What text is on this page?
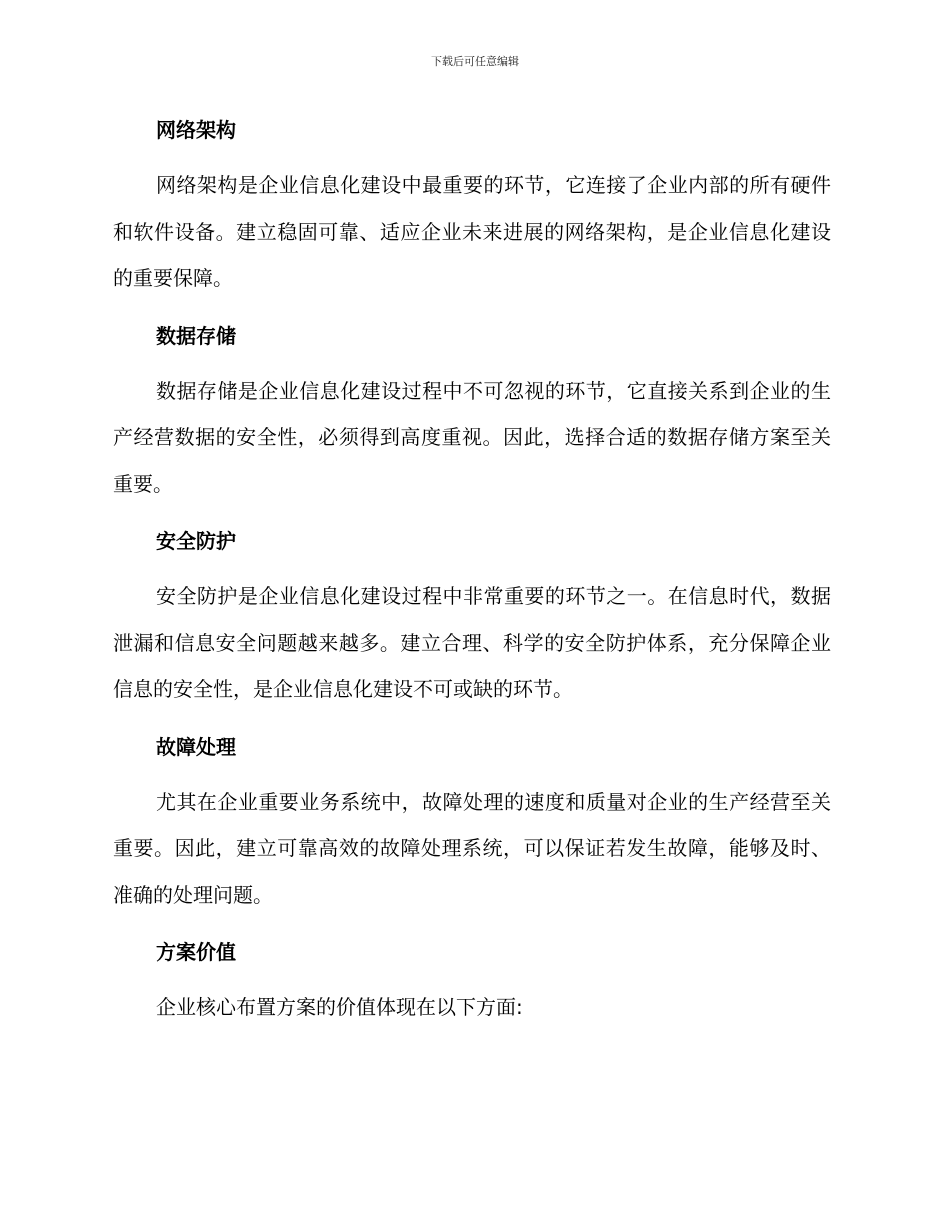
下载后可任意编辑
网络架构

网络架构是企业信息化建设中最重要的环节，它连接了企业内部的所有硬件和软件设备。建立稳固可靠、适应企业未来进展的网络架构，是企业信息化建设的重要保障。

数据存储

数据存储是企业信息化建设过程中不可忽视的环节，它直接关系到企业的生产经营数据的安全性，必须得到高度重视。因此，选择合适的数据存储方案至关重要。

安全防护

安全防护是企业信息化建设过程中非常重要的环节之一。在信息时代，数据泄漏和信息安全问题越来越多。建立合理、科学的安全防护体系，充分保障企业信息的安全性，是企业信息化建设不可或缺的环节。

故障处理

尤其在企业重要业务系统中，故障处理的速度和质量对企业的生产经营至关重要。因此，建立可靠高效的故障处理系统，可以保证若发生故障，能够及时、准确的处理问题。

方案价值

企业核心布置方案的价值体现在以下方面:
